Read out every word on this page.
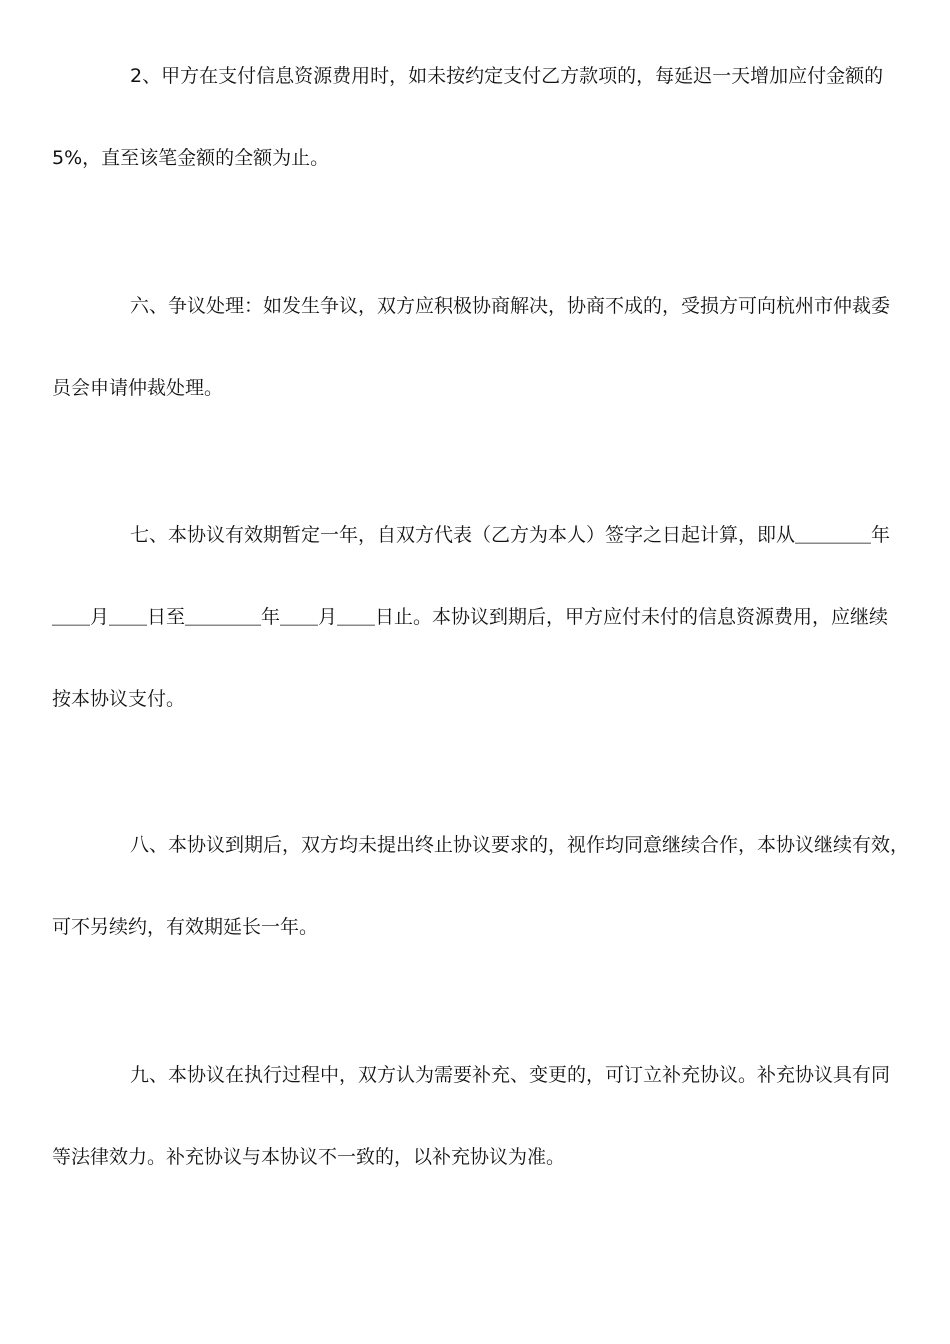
2、甲方在支付信息资源费用时，如未按约定支付乙方款项的，每延迟一天增加应付金额的

5%，直至该笔金额的全额为止。

六、争议处理：如发生争议，双方应积极协商解决，协商不成的，受损方可向杭州市仲裁委

员会申请仲裁处理。

七、本协议有效期暂定一年，自双方代表（乙方为本人）签字之日起计算，即从＿＿＿＿年

＿＿月＿＿日至＿＿＿＿年＿＿月＿＿日止。本协议到期后，甲方应付未付的信息资源费用，应继续

按本协议支付。

八、本协议到期后，双方均未提出终止协议要求的，视作均同意继续合作，本协议继续有效，

可不另续约，有效期延长一年。

九、本协议在执行过程中，双方认为需要补充、变更的，可订立补充协议。补充协议具有同

等法律效力。补充协议与本协议不一致的，以补充协议为准。
